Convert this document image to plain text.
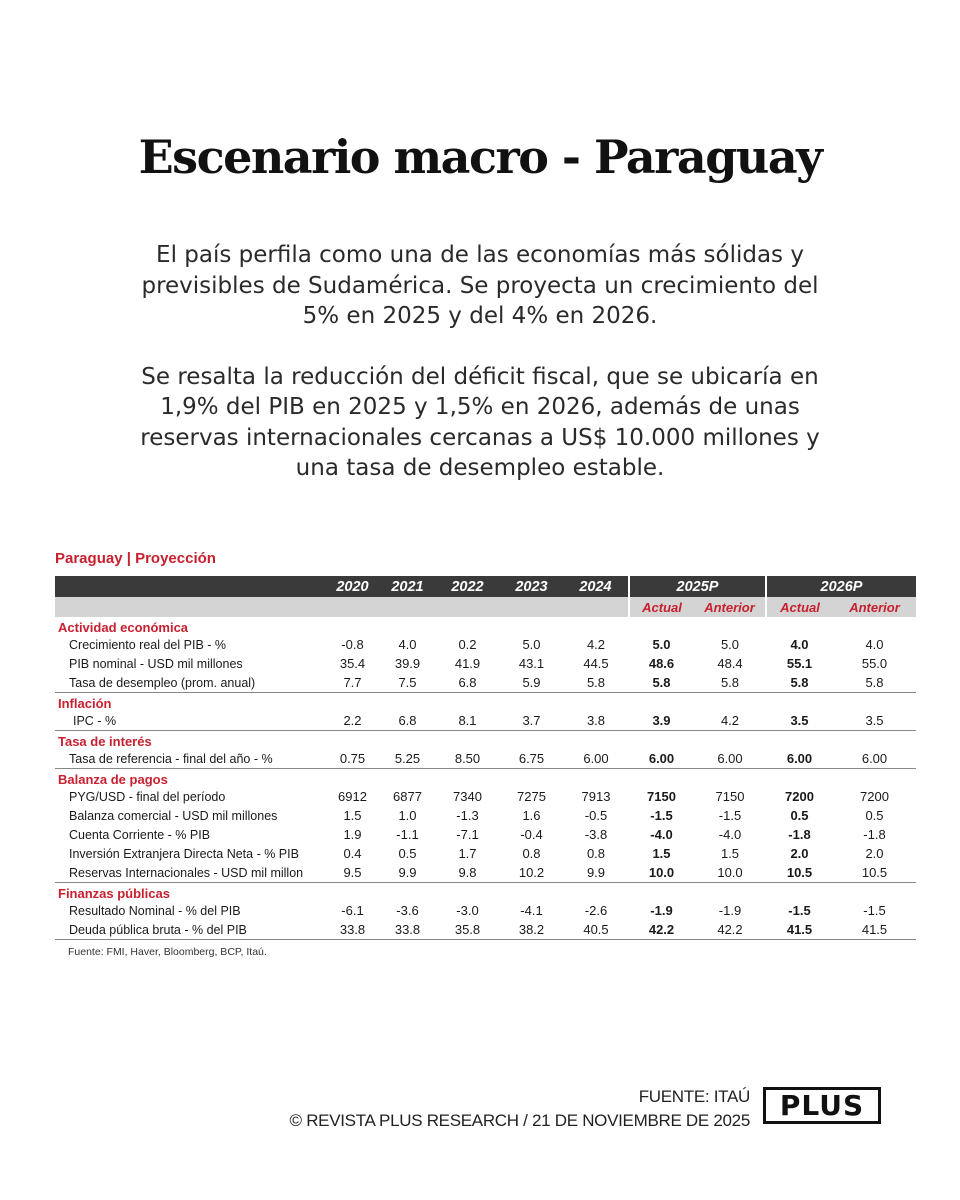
Escenario macro - Paraguay

El país perfila como una de las economías más sólidas y previsibles de Sudamérica. Se proyecta un crecimiento del 5% en 2025 y del 4% en 2026.

Se resalta la reducción del déficit fiscal, que se ubicaría en 1,9% del PIB en 2025 y 1,5% en 2026, además de unas reservas internacionales cercanas a US$ 10.000 millones y una tasa de desempleo estable.

Paraguay | Proyección
	2020	2021	2022	2023	2024	2025P		2026P	
						Actual	Anterior	Actual	Anterior
Actividad económica									
Crecimiento real del PIB - %	-0.8	4.0	0.2	5.0	4.2	5.0	5.0	4.0	4.0
PIB nominal - USD mil millones	35.4	39.9	41.9	43.1	44.5	48.6	48.4	55.1	55.0
Tasa de desempleo (prom. anual)	7.7	7.5	6.8	5.9	5.8	5.8	5.8	5.8	5.8
Inflación									
IPC - %	2.2	6.8	8.1	3.7	3.8	3.9	4.2	3.5	3.5
Tasa de interés									
Tasa de referencia - final del año - %	0.75	5.25	8.50	6.75	6.00	6.00	6.00	6.00	6.00
Balanza de pagos									
PYG/USD - final del período	6912	6877	7340	7275	7913	7150	7150	7200	7200
Balanza comercial - USD mil millones	1.5	1.0	-1.3	1.6	-0.5	-1.5	-1.5	0.5	0.5
Cuenta Corriente - % PIB	1.9	-1.1	-7.1	-0.4	-3.8	-4.0	-4.0	-1.8	-1.8
Inversión Extranjera Directa Neta - % PIB	0.4	0.5	1.7	0.8	0.8	1.5	1.5	2.0	2.0
Reservas Internacionales - USD mil millon	9.5	9.9	9.8	10.2	9.9	10.0	10.0	10.5	10.5
Finanzas públicas									
Resultado Nominal - % del PIB	-6.1	-3.6	-3.0	-4.1	-2.6	-1.9	-1.9	-1.5	-1.5
Deuda pública bruta - % del PIB	33.8	33.8	35.8	38.2	40.5	42.2	42.2	41.5	41.5
Fuente: FMI, Haver, Bloomberg, BCP, Itaú.
FUENTE: ITAÚ
© REVISTA PLUS RESEARCH / 21 DE NOVIEMBRE DE 2025	PLUS
